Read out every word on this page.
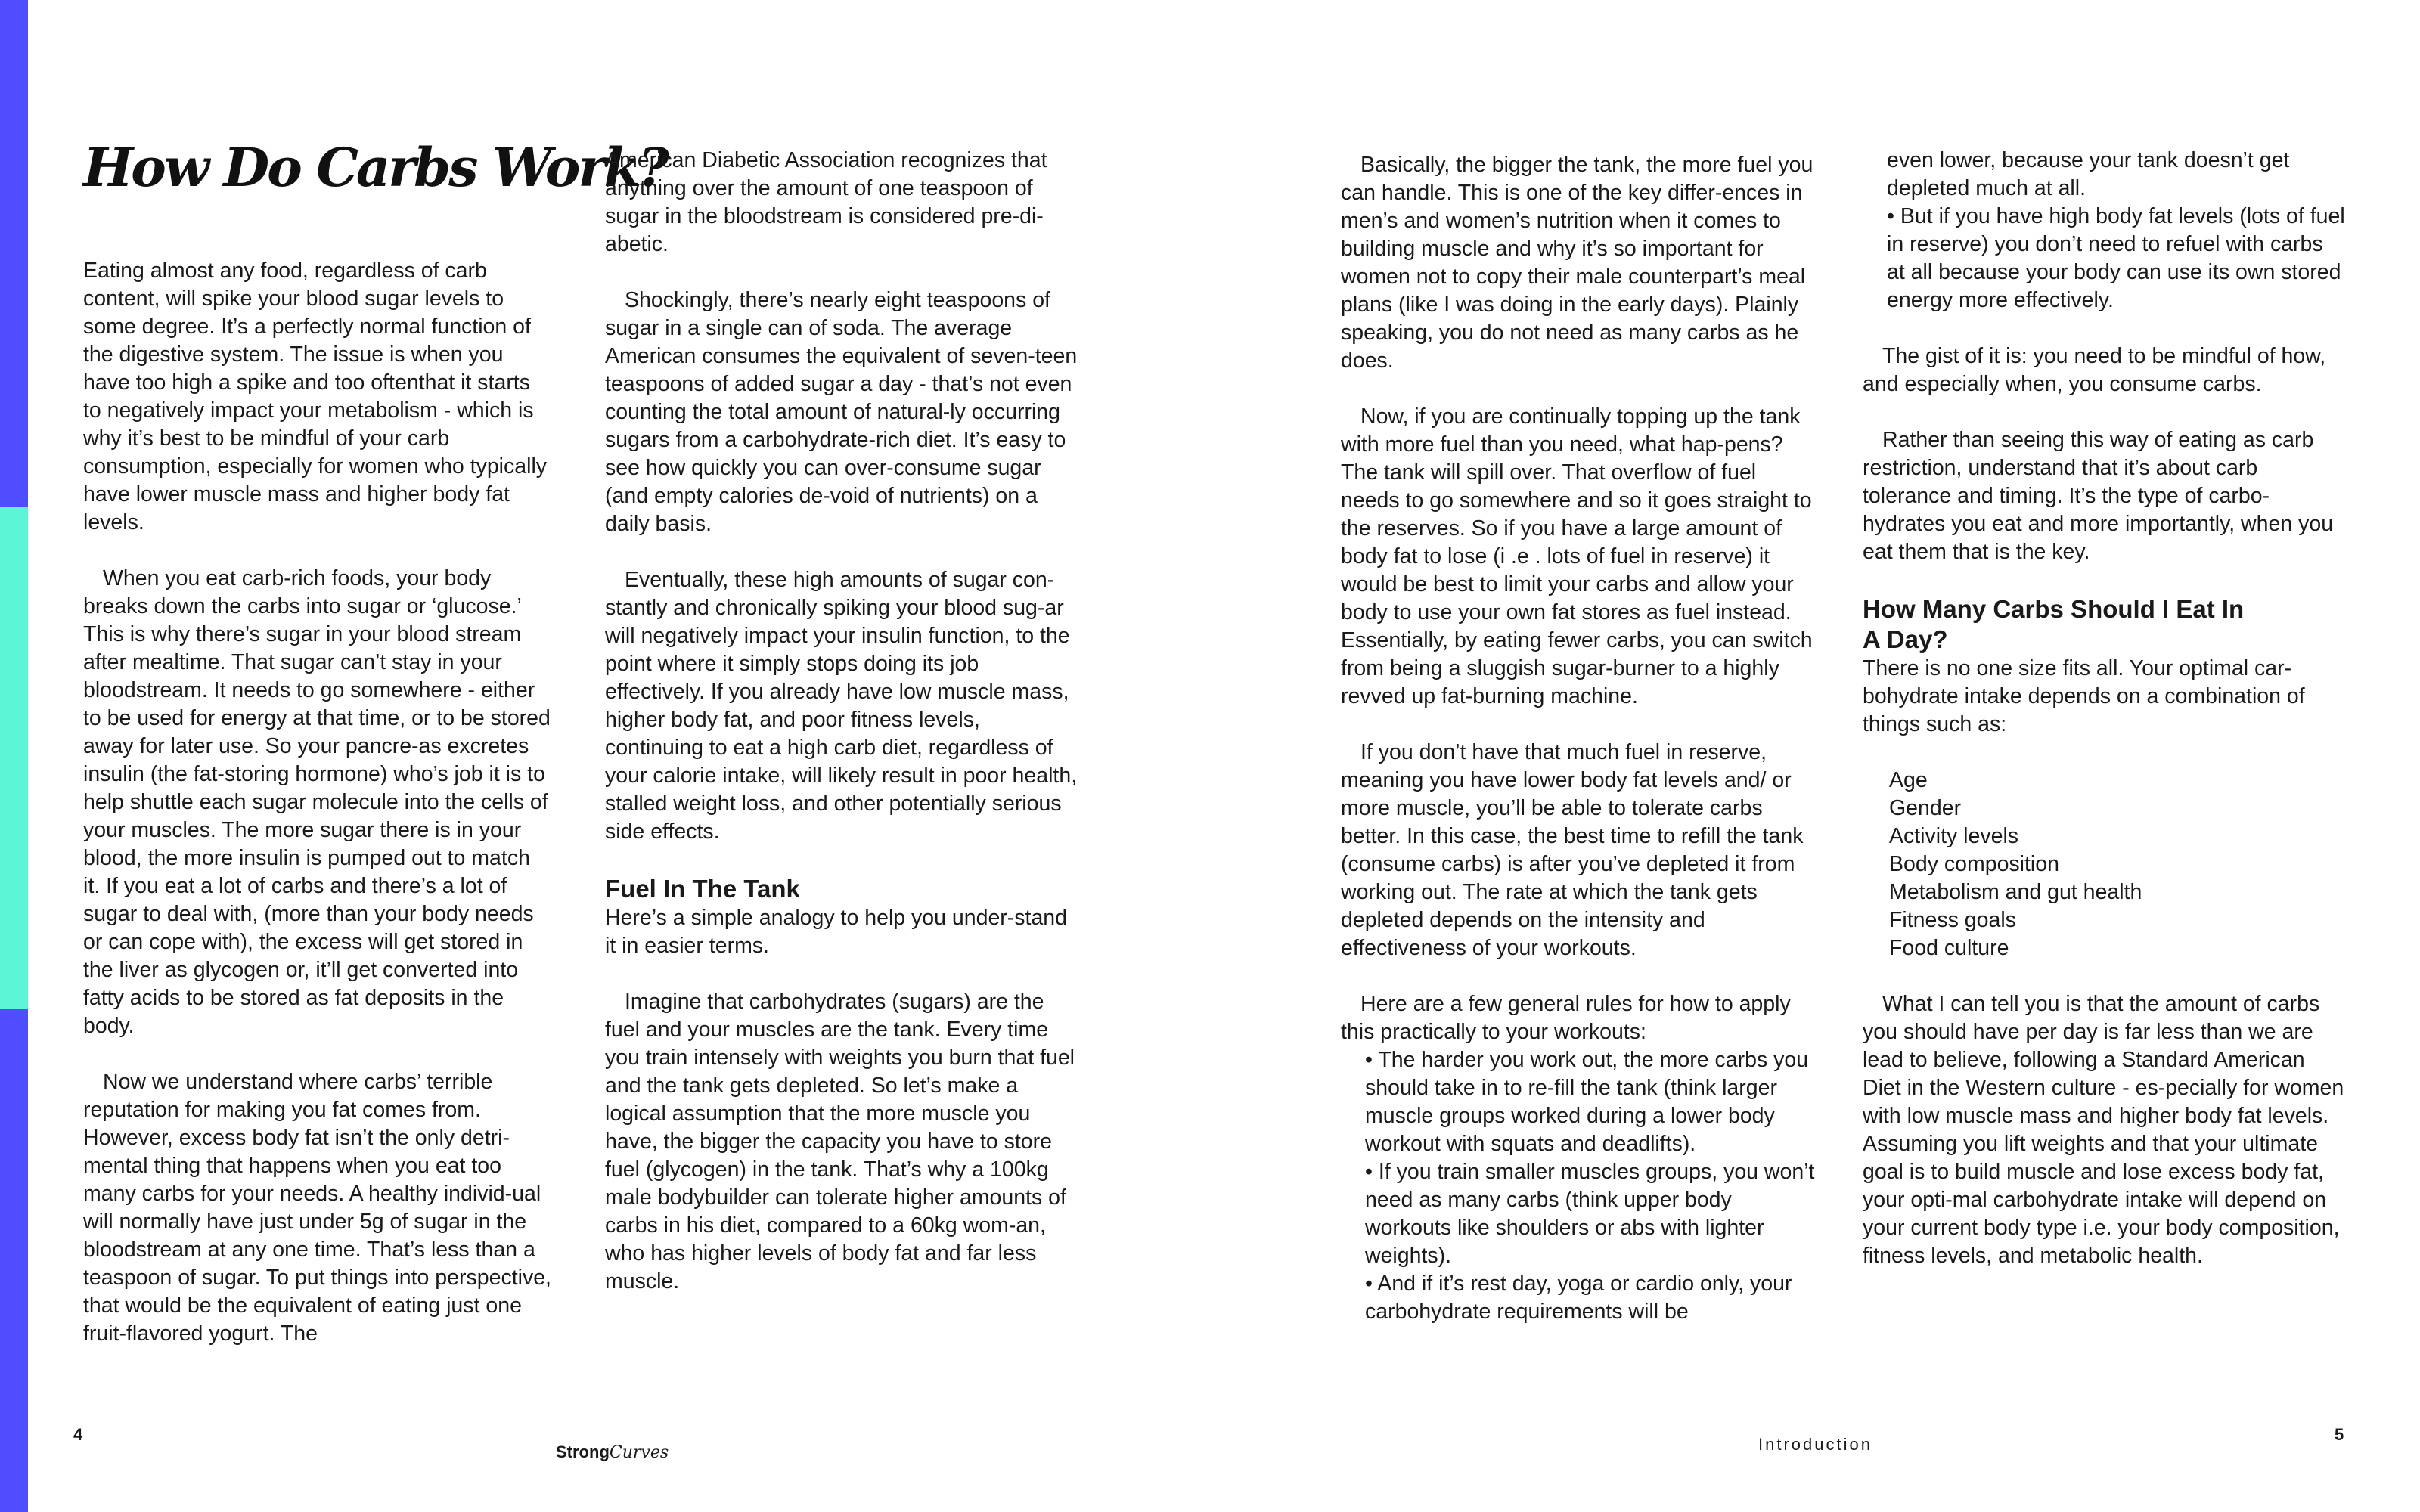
How Do Carbs Work?

Eating almost any food, regardless of carb content, will spike your blood sugar levels to some degree. It’s a perfectly normal function of the digestive system. The issue is when you have too high a spike and too oftenthat it starts to negatively impact your metabolism - which is why it’s best to be mindful of your carb consumption, especially for women who typically have lower muscle mass and higher body fat levels.

When you eat carb-rich foods, your body breaks down the carbs into sugar or ‘glucose.’ This is why there’s sugar in your blood stream after mealtime. That sugar can’t stay in your bloodstream. It needs to go somewhere - either to be used for energy at that time, or to be stored away for later use. So your pancre-as excretes insulin (the fat-storing hormone) who’s job it is to help shuttle each sugar molecule into the cells of your muscles. The more sugar there is in your blood, the more insulin is pumped out to match it. If you eat a lot of carbs and there’s a lot of sugar to deal with, (more than your body needs or can cope with), the excess will get stored in the liver as glycogen or, it’ll get converted into fatty acids to be stored as fat deposits in the body.

Now we understand where carbs’ terrible reputation for making you fat comes from. However, excess body fat isn’t the only detri-mental thing that happens when you eat too many carbs for your needs. A healthy individ-ual will normally have just under 5g of sugar in the bloodstream at any one time. That’s less than a teaspoon of sugar. To put things into perspective, that would be the equivalent of eating just one fruit-flavored yogurt. The

American Diabetic Association recognizes that anything over the amount of one teaspoon of sugar in the bloodstream is considered pre-di-abetic.

Shockingly, there’s nearly eight teaspoons of sugar in a single can of soda. The average American consumes the equivalent of seven-teen teaspoons of added sugar a day - that’s not even counting the total amount of natural-ly occurring sugars from a carbohydrate-rich diet. It’s easy to see how quickly you can over-consume sugar (and empty calories de-void of nutrients) on a daily basis.

Eventually, these high amounts of sugar con-stantly and chronically spiking your blood sug-ar will negatively impact your insulin function, to the point where it simply stops doing its job effectively. If you already have low muscle mass, higher body fat, and poor fitness levels, continuing to eat a high carb diet, regardless of your calorie intake, will likely result in poor health, stalled weight loss, and other potentially serious side effects.

Fuel In The Tank

Here’s a simple analogy to help you under-stand it in easier terms.

Imagine that carbohydrates (sugars) are the fuel and your muscles are the tank. Every time you train intensely with weights you burn that fuel and the tank gets depleted. So let’s make a logical assumption that the more muscle you have, the bigger the capacity you have to store fuel (glycogen) in the tank. That’s why a 100kg male bodybuilder can tolerate higher amounts of carbs in his diet, compared to a 60kg wom-an, who has higher levels of body fat and far less muscle.

4
StrongCurves

Basically, the bigger the tank, the more fuel you can handle. This is one of the key differ-ences in men’s and women’s nutrition when it comes to building muscle and why it’s so important for women not to copy their male counterpart’s meal plans (like I was doing in the early days). Plainly speaking, you do not need as many carbs as he does.

Now, if you are continually topping up the tank with more fuel than you need, what hap-pens? The tank will spill over. That overflow of fuel needs to go somewhere and so it goes straight to the reserves. So if you have a large amount of body fat to lose (i .e . lots of fuel in reserve) it would be best to limit your carbs and allow your body to use your own fat stores as fuel instead. Essentially, by eating fewer carbs, you can switch from being a sluggish sugar-burner to a highly revved up fat-burning machine.

If you don’t have that much fuel in reserve, meaning you have lower body fat levels and/ or more muscle, you’ll be able to tolerate carbs better. In this case, the best time to refill the tank (consume carbs) is after you’ve depleted it from working out. The rate at which the tank gets depleted depends on the intensity and effectiveness of your workouts.

Here are a few general rules for how to apply this practically to your workouts:

• The harder you work out, the more carbs you should take in to re-fill the tank (think larger muscle groups worked during a lower body workout with squats and deadlifts).

• If you train smaller muscles groups, you won’t need as many carbs (think upper body workouts like shoulders or abs with lighter weights).

• And if it’s rest day, yoga or cardio only, your carbohydrate requirements will be

even lower, because your tank doesn’t get depleted much at all.

• But if you have high body fat levels (lots of fuel in reserve) you don’t need to refuel with carbs at all because your body can use its own stored energy more effectively.

The gist of it is: you need to be mindful of how, and especially when, you consume carbs.

Rather than seeing this way of eating as carb restriction, understand that it’s about carb tolerance and timing. It’s the type of carbo-hydrates you eat and more importantly, when you eat them that is the key.

How Many Carbs Should I Eat In A Day?

There is no one size fits all. Your optimal car-bohydrate intake depends on a combination of things such as:

Age
Gender
Activity levels
Body composition
Metabolism and gut health
Fitness goals
Food culture

What I can tell you is that the amount of carbs you should have per day is far less than we are lead to believe, following a Standard American Diet in the Western culture - es-pecially for women with low muscle mass and higher body fat levels. Assuming you lift weights and that your ultimate goal is to build muscle and lose excess body fat, your opti-mal carbohydrate intake will depend on your current body type i.e. your body composition, fitness levels, and metabolic health.

Introduction
5
